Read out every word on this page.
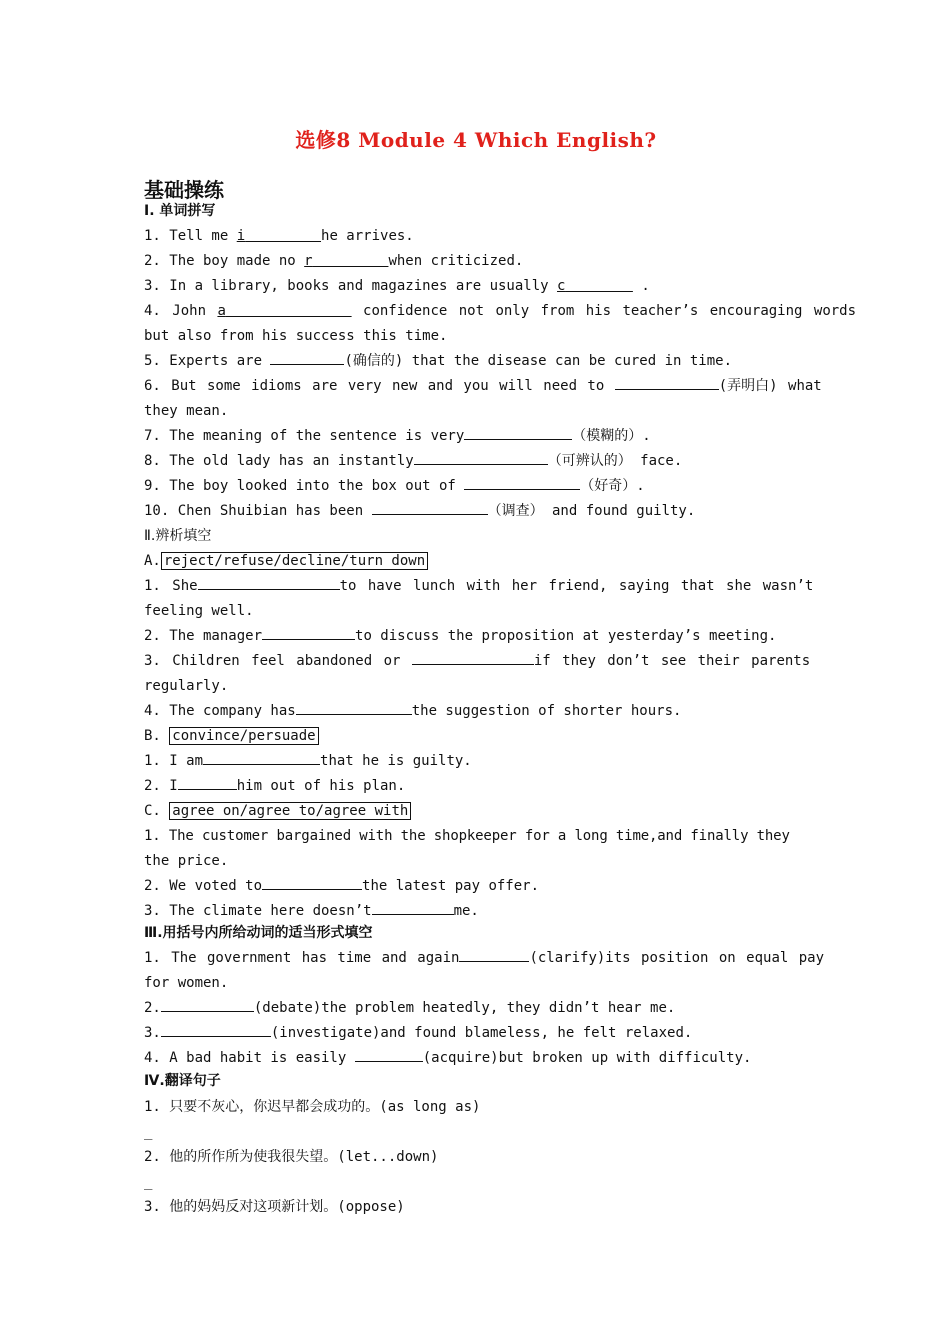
选修8 Module 4 Which English?
基础操练
Ⅰ. 单词拼写
1. Tell me i	he arrives.
2. The boy made no r	when criticized.
3. In a library, books and magazines are usually c	.
4. John a	confidence not only from his teacher’s encouraging words
but also from his success this time.
5. Experts are	(确信的) that the disease can be cured in time.
6. But some idioms are very new and you will need to	(弄明白) what
they mean.
7. The meaning of the sentence is very	（模糊的）.
8. The old lady has an instantly	（可辨认的） face.
9. The boy looked into the box out of	（好奇）.
10. Chen Shuibian has been	（调查） and found guilty.
Ⅱ.辨析填空
A. reject/refuse/decline/turn down
1. She	to have lunch with her friend, saying that she wasn’t
feeling well.
2. The manager	to discuss the proposition at yesterday’s meeting.
3. Children feel abandoned or	if they don’t see their parents
regularly.
4. The company has	the suggestion of shorter hours.
B. convince/persuade
1. I am	that he is guilty.
2. I	him out of his plan.
C. agree on/agree to/agree with
1. The customer bargained with the shopkeeper for a long time,and finally they
the price.
2. We voted to	the latest pay offer.
3. The climate here doesn’t	me.
Ⅲ.用括号内所给动词的适当形式填空
1. The government has time and again	(clarify)its position on equal pay
for women.
2.	(debate)the problem heatedly, they didn’t hear me.
3.	(investigate)and found blameless, he felt relaxed.
4. A bad habit is easily	(acquire)but broken up with difficulty.
Ⅳ.翻译句子
1. 只要不灰心，你迟早都会成功的。(as long as)
_
2. 他的所作所为使我很失望。(let...down)
_
3. 他的妈妈反对这项新计划。(oppose)
